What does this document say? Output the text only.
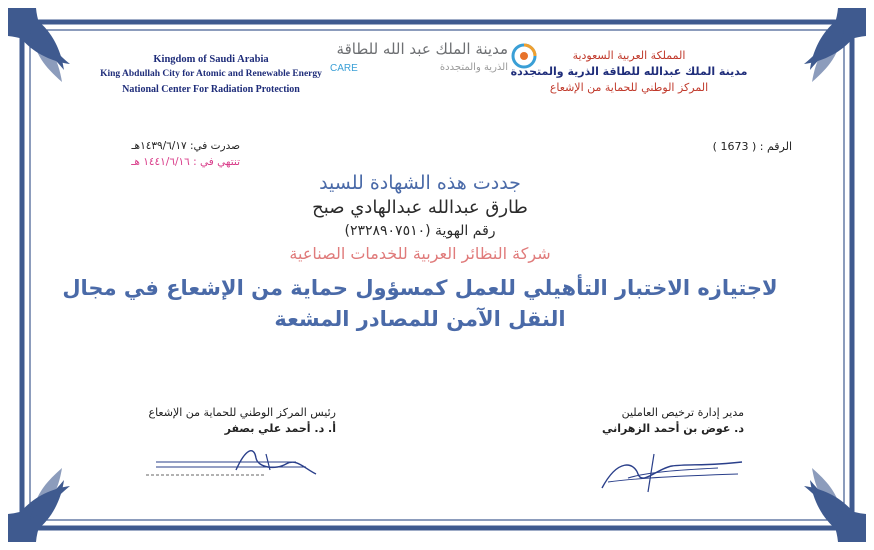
Kingdom of Saudi Arabia
King Abdullah City for Atomic and Renewable Energy
National Center For Radiation Protection
مدينة الملك عبد الله للطاقة
الذرية والمتجددة
CARE
المملكة العربية السعودية
مدينة الملك عبدالله للطاقة الذرية والمتجددة
المركز الوطني للحماية من الإشعاع
الرقم : ( 1673 )
صدرت في: ١٤٣٩/٦/١٧هـ
تنتهي في : ١٤٤١/٦/١٦ هـ
جددت هذه الشهادة للسيد
طارق عبدالله عبدالهادي صبح
رقم الهوية (٢٣٢٨٩٠٧٥١٠)
شركة النظائر العربية للخدمات الصناعية
لاجتيازه الاختبار التأهيلي للعمل كمسؤول حماية من الإشعاع في مجال
النقل الآمن للمصادر المشعة
رئيس المركز الوطني للحماية من الإشعاع
أ. د. أحمد علي بصفر
مدير إدارة ترخيص العاملين
د. عوض بن أحمد الزهراني
